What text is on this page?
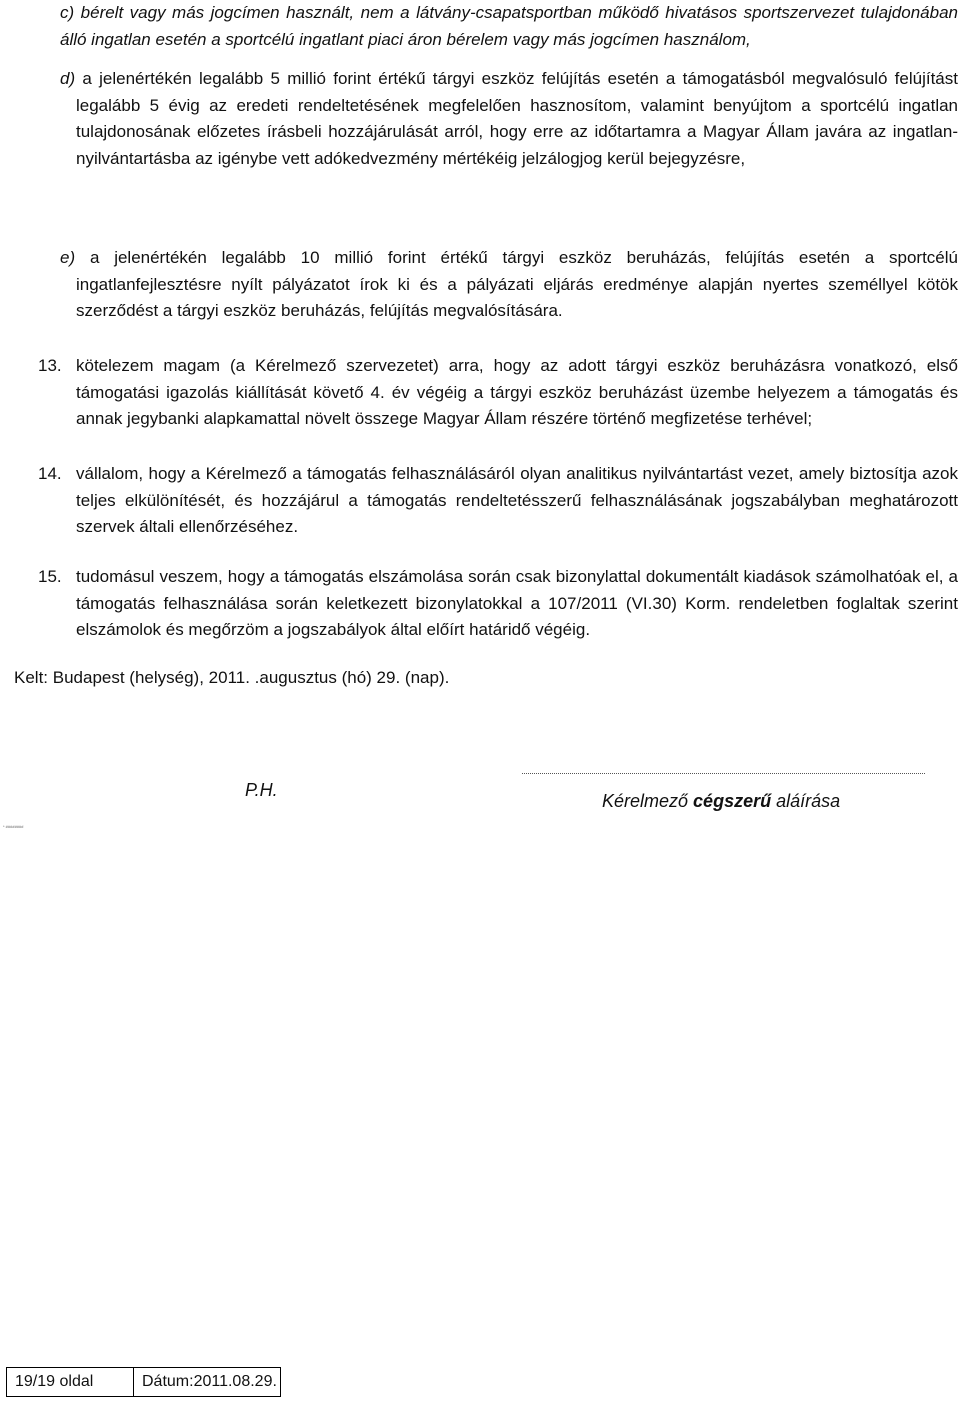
c) bérelt vagy más jogcímen használt, nem a látvány-csapatsportban működő hivatásos sportszervezet tulajdonában álló ingatlan esetén a sportcélú ingatlant piaci áron bérelem vagy más jogcímen használom,
d) a jelenértékén legalább 5 millió forint értékű tárgyi eszköz felújítás esetén a támogatásból megvalósuló felújítást legalább 5 évig az eredeti rendeltetésének megfelelően hasznosítom, valamint benyújtom a sportcélú ingatlan tulajdonosának előzetes írásbeli hozzájárulását arról, hogy erre az időtartamra a Magyar Állam javára az ingatlan-nyilvántartásba az igénybe vett adókedvezmény mértékéig jelzálogjog kerül bejegyzésre,
e) a jelenértékén legalább 10 millió forint értékű tárgyi eszköz beruházás, felújítás esetén a sportcélú ingatlanfejlesztésre nyílt pályázatot írok ki és a pályázati eljárás eredménye alapján nyertes személlyel kötök szerződést a tárgyi eszköz beruházás, felújítás megvalósítására.
13. kötelezem magam (a Kérelmező szervezetet) arra, hogy az adott tárgyi eszköz beruházásra vonatkozó, első támogatási igazolás kiállítását követő 4. év végéig a tárgyi eszköz beruházást üzembe helyezem a támogatás és annak jegybanki alapkamattal növelt összege Magyar Állam részére történő megfizetése terhével;
14. vállalom, hogy a Kérelmező a támogatás felhasználásáról olyan analitikus nyilvántartást vezet, amely biztosítja azok teljes elkülönítését, és hozzájárul a támogatás rendeltetésszerű felhasználásának jogszabályban meghatározott szervek általi ellenőrzéséhez.
15. tudomásul veszem, hogy a támogatás elszámolása során csak bizonylattal dokumentált kiadások számolhatóak el, a támogatás felhasználása során keletkezett bizonylatokkal a 107/2011 (VI.30) Korm. rendeletben foglaltak szerint elszámolok és megőrzöm a jogszabályok által előírt határidő végéig.
Kelt: Budapest (helység), 2011. .augusztus (hó) 29. (nap).
P.H.
Kérelmező cégszerű aláírása
* ########
19/19 oldal	Dátum:2011.08.29.
